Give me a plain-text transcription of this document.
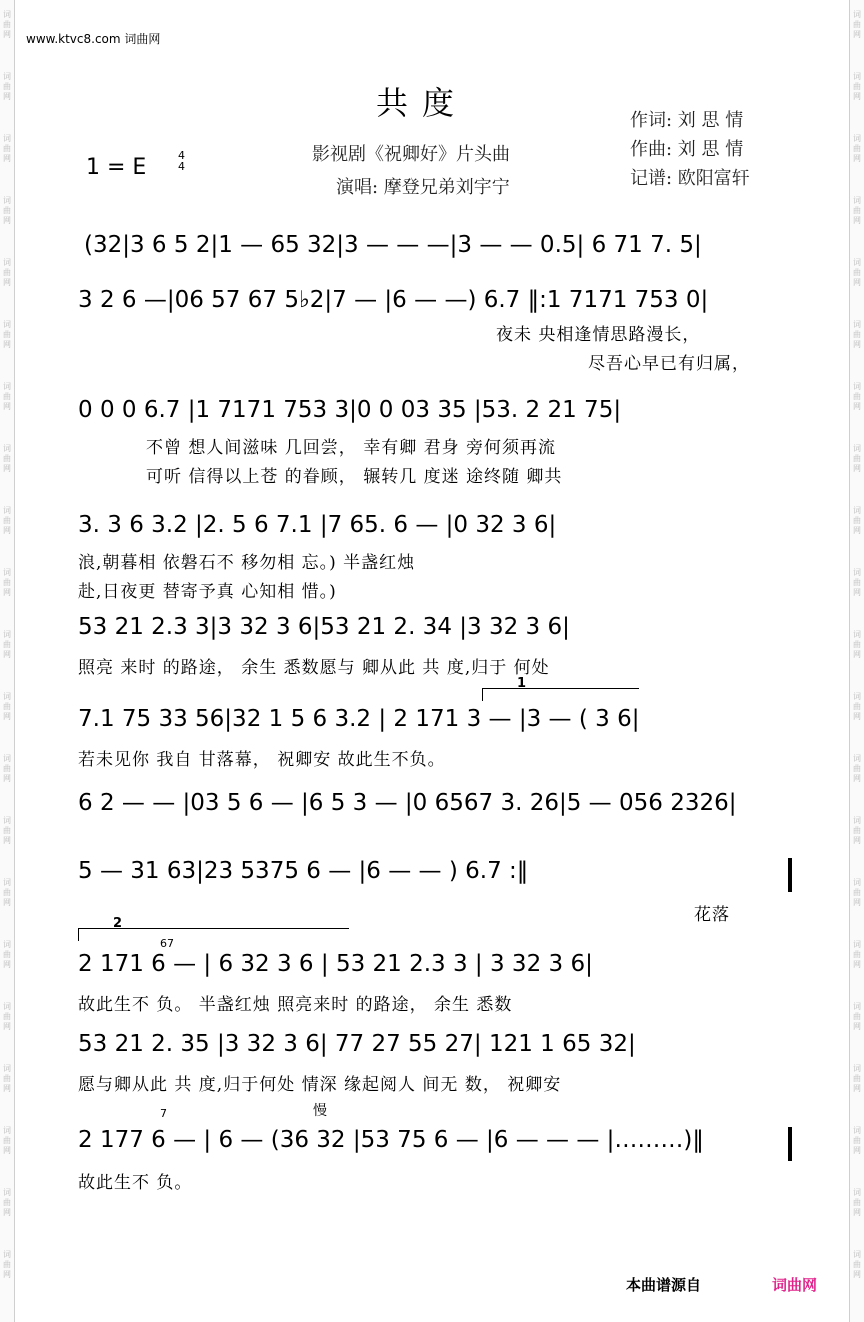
词
曲
网
词
曲
网
词
曲
网
词
曲
网
词
曲
网
词
曲
网
词
曲
网
词
曲
网
词
曲
网
词
曲
网
词
曲
网
词
曲
网
词
曲
网
词
曲
网
词
曲
网
词
曲
网
词
曲
网
词
曲
网
词
曲
网
词
曲
网
词
曲
网
词
曲
网
词
曲
网
词
曲
网
词
曲
网
词
曲
网
词
曲
网
词
曲
网
词
曲
网
词
曲
网
词
曲
网
词
曲
网
词
曲
网
词
曲
网
词
曲
网
词
曲
网
词
曲
网
词
曲
网
词
曲
网
词
曲
网
词
曲
网
词
曲
网
www.ktvc8.com 词曲网
共度
1 = E	4
4
影视剧《祝卿好》片头曲
演唱: 摩登兄弟刘宇宁
作词: 刘 思 情
作曲: 刘 思 情
记谱: 欧阳富轩
(32|3 6 5 2|1 — 65 32|3 — — —|3 — — 0.5| 6 71 7. 5|
3 2 6 —|06 57 67 5♭2|7 — |6 — —) 6.7 ‖:1 7171 753 0|
夜未 央相逢情思路漫长，
尽吾心早已有归属，
0 0 0 6.7 |1 7171 753 3|0 0 03 35 |53. 2 21 75|
不曾 想人间滋味 几回尝， 幸有卿 君身 旁何须再流
可听 信得以上苍 的眷顾， 辗转几 度迷 途终随 卿共
3. 3 6 3.2 |2. 5 6 7.1 |7 65. 6 — |0 32 3 6|
浪,朝暮相 依磐石不 移勿相 忘。) 半盏红烛
赴,日夜更 替寄予真 心知相 惜。)
53 21 2.3 3|3 32 3 6|53 21 2. 34 |3 32 3 6|
照亮 来时 的路途， 余生 悉数愿与 卿从此 共 度,归于 何处
1
7.1 75 33 56|32 1 5 6 3.2 | 2 171 3 — |3 — ( 3 6|
若未见你 我自 甘落幕， 祝卿安 故此生不负。
6 2 — — |03 5 6 — |6 5 3 — |0 6567 3. 26|5 — 056 2326|
5 — 31 63|23 5375 6 — |6 — — ) 6.7 :‖
花落
2
67
2 171 6 — | 6 32 3 6 | 53 21 2.3 3 | 3 32 3 6|
故此生不 负。 半盏红烛 照亮来时 的路途， 余生 悉数
53 21 2. 35 |3 32 3 6| 77 27 55 27| 121 1 65 32|
愿与卿从此 共 度,归于何处 情深 缘起阅人 间无 数， 祝卿安
慢
7
2 177 6 — | 6 — (36 32 |53 75 6 — |6 — — — |………)‖
故此生不 负。
本曲谱源自	词曲网
